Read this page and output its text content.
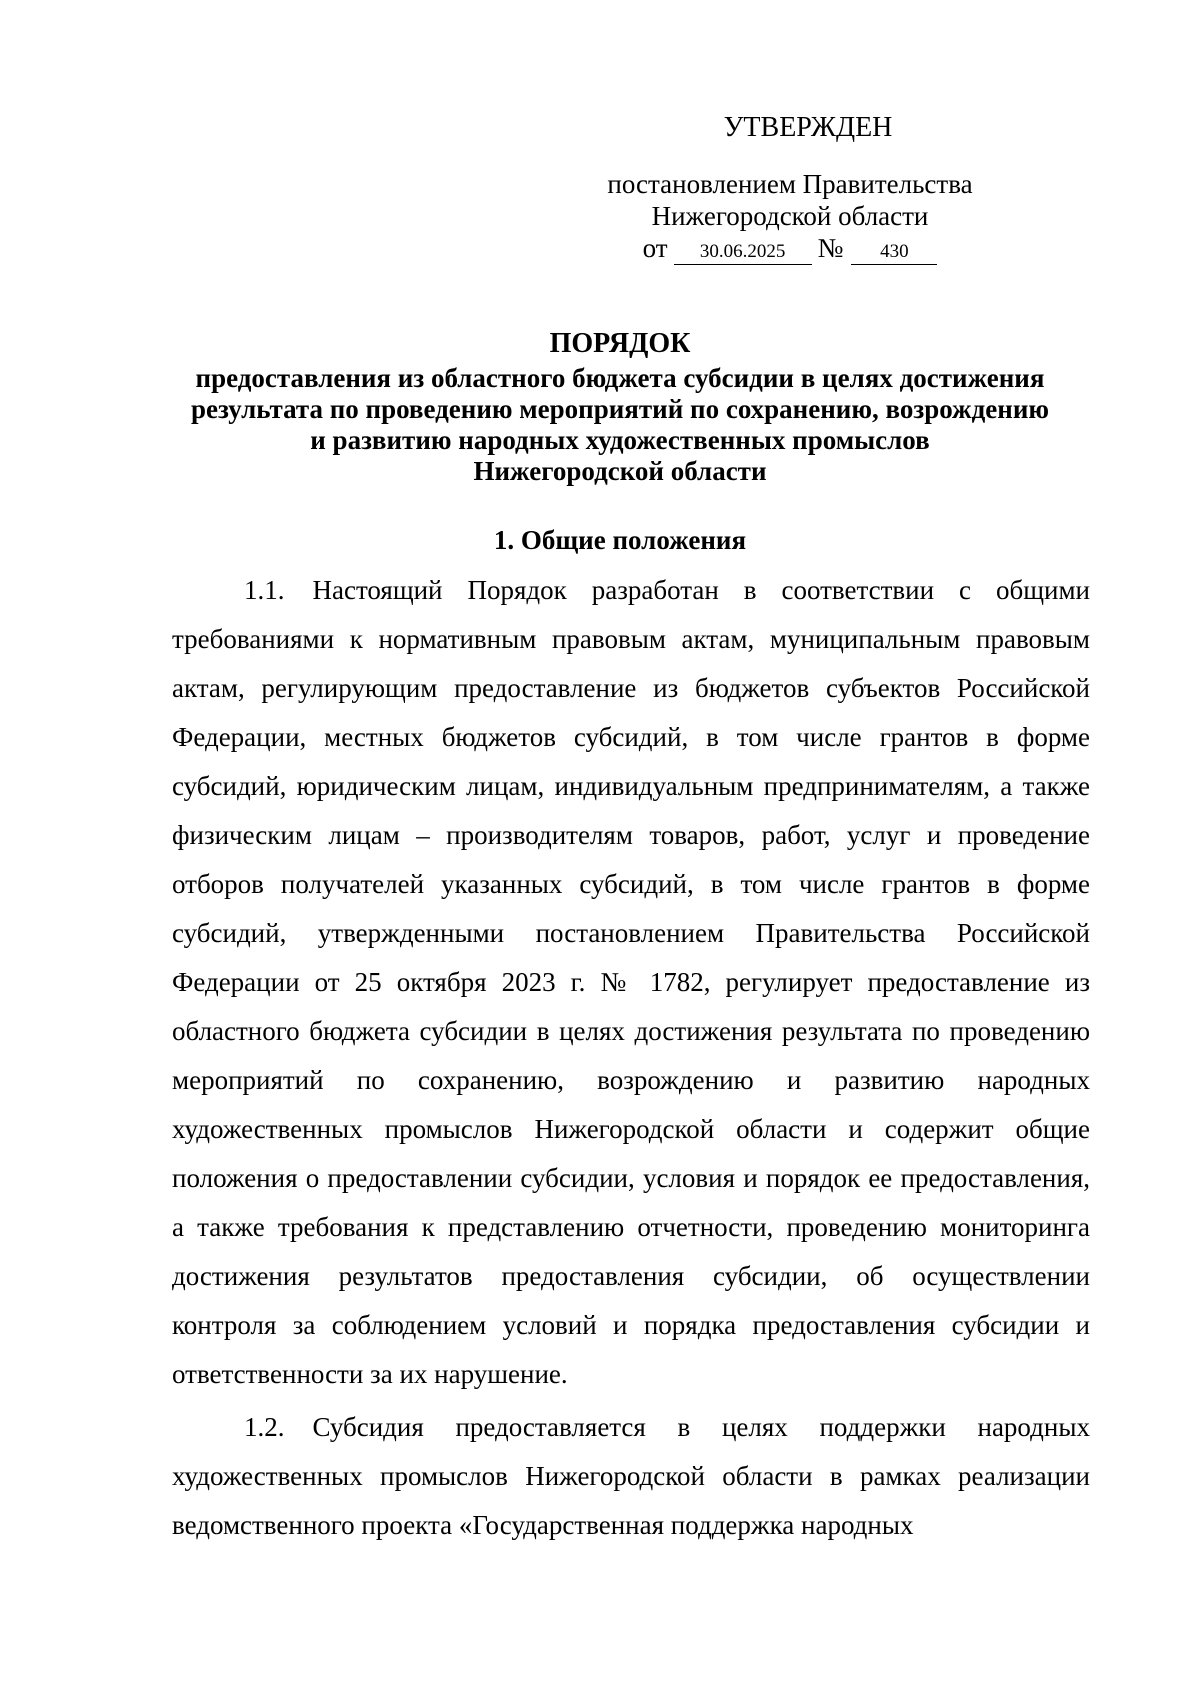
УТВЕРЖДЕН
постановлением Правительства
Нижегородской области
от	30.06.2025	№	430
ПОРЯДОК
предоставления из областного бюджета субсидии в целях достижения
результата по проведению мероприятий по сохранению, возрождению
и развитию народных художественных промыслов
Нижегородской области
1. Общие положения

1.1. Настоящий Порядок разработан в соответствии с общими требованиями к нормативным правовым актам, муниципальным правовым актам, регулирующим предоставление из бюджетов субъектов Российской Федерации, местных бюджетов субсидий, в том числе грантов в форме субсидий, юридическим лицам, индивидуальным предпринимателям, а также физическим лицам – производителям товаров, работ, услуг и проведение отборов получателей указанных субсидий, в том числе грантов в форме субсидий, утвержденными постановлением Правительства Российской Федерации от 25 октября 2023 г. № 1782, регулирует предоставление из областного бюджета субсидии в целях достижения результата по проведению мероприятий по сохранению, возрождению и развитию народных художественных промыслов Нижегородской области и содержит общие положения о предоставлении субсидии, условия и порядок ее предоставления, а также требования к представлению отчетности, проведению мониторинга достижения результатов предоставления субсидии, об осуществлении контроля за соблюдением условий и порядка предоставления субсидии и ответственности за их нарушение.

1.2. Субсидия предоставляется в целях поддержки народных художественных промыслов Нижегородской области в рамках реализации ведомственного проекта «Государственная поддержка народных
